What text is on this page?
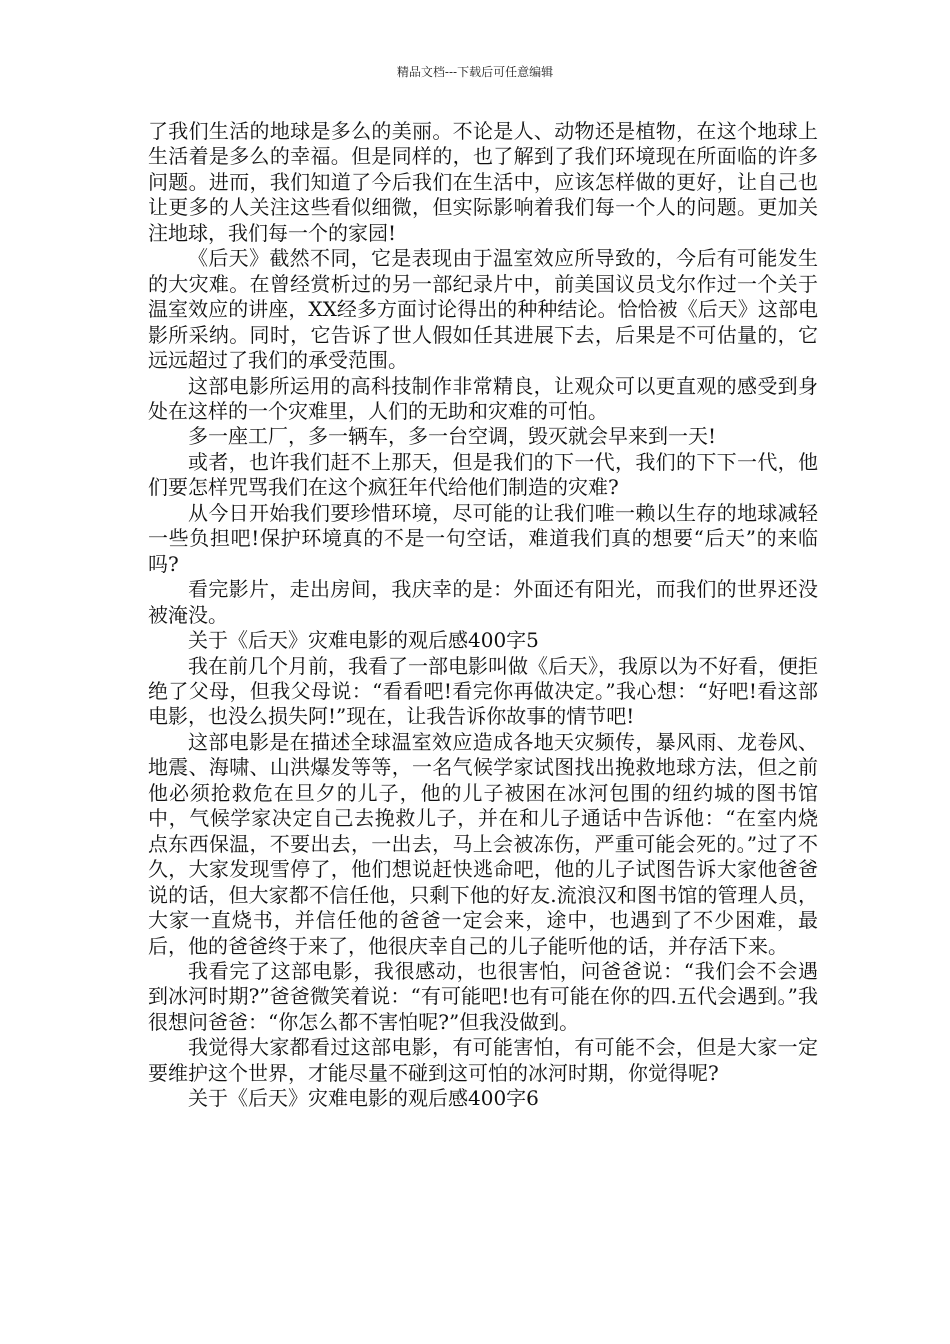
精品文档---下载后可任意编辑

了我们生活的地球是多么的美丽。不论是人、动物还是植物，在这个地球上生活着是多么的幸福。但是同样的，也了解到了我们环境现在所面临的许多问题。进而，我们知道了今后我们在生活中，应该怎样做的更好，让自己也让更多的人关注这些看似细微，但实际影响着我们每一个人的问题。更加关注地球，我们每一个的家园!

《后天》截然不同，它是表现由于温室效应所导致的，今后有可能发生的大灾难。在曾经赏析过的另一部纪录片中，前美国议员戈尔作过一个关于温室效应的讲座，XX经多方面讨论得出的种种结论。恰恰被《后天》这部电影所采纳。同时，它告诉了世人假如任其进展下去，后果是不可估量的，它远远超过了我们的承受范围。

这部电影所运用的高科技制作非常精良，让观众可以更直观的感受到身处在这样的一个灾难里，人们的无助和灾难的可怕。

多一座工厂，多一辆车，多一台空调，毁灭就会早来到一天!

或者，也许我们赶不上那天，但是我们的下一代，我们的下下一代，他们要怎样咒骂我们在这个疯狂年代给他们制造的灾难?

从今日开始我们要珍惜环境，尽可能的让我们唯一赖以生存的地球减轻一些负担吧!保护环境真的不是一句空话，难道我们真的想要“后天”的来临吗?

看完影片，走出房间，我庆幸的是：外面还有阳光，而我们的世界还没被淹没。

关于《后天》灾难电影的观后感400字5

我在前几个月前，我看了一部电影叫做《后天》，我原以为不好看，便拒绝了父母，但我父母说：“看看吧!看完你再做决定。”我心想：“好吧!看这部电影，也没么损失阿!”现在，让我告诉你故事的情节吧!

这部电影是在描述全球温室效应造成各地天灾频传，暴风雨、龙卷风、地震、海啸、山洪爆发等等，一名气候学家试图找出挽救地球方法，但之前他必须抢救危在旦夕的儿子，他的儿子被困在冰河包围的纽约城的图书馆中，气候学家决定自己去挽救儿子，并在和儿子通话中告诉他：“在室内烧点东西保温，不要出去，一出去，马上会被冻伤，严重可能会死的。”过了不久，大家发现雪停了，他们想说赶快逃命吧，他的儿子试图告诉大家他爸爸说的话，但大家都不信任他，只剩下他的好友.流浪汉和图书馆的管理人员，大家一直烧书，并信任他的爸爸一定会来，途中，也遇到了不少困难，最后，他的爸爸终于来了，他很庆幸自己的儿子能听他的话，并存活下来。

我看完了这部电影，我很感动，也很害怕，问爸爸说：“我们会不会遇到冰河时期?”爸爸微笑着说：“有可能吧!也有可能在你的四.五代会遇到。”我很想问爸爸：“你怎么都不害怕呢?”但我没做到。

我觉得大家都看过这部电影，有可能害怕，有可能不会，但是大家一定要维护这个世界，才能尽量不碰到这可怕的冰河时期，你觉得呢?

关于《后天》灾难电影的观后感400字6
